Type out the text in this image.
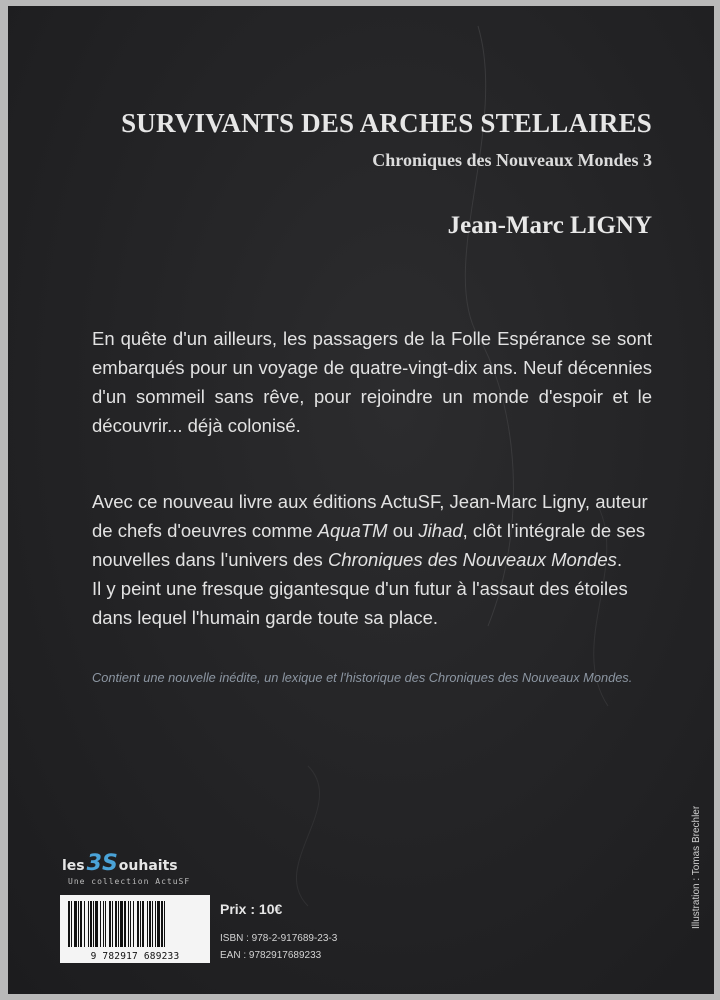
SURVIVANTS DES ARCHES STELLAIRES
Chroniques des Nouveaux Mondes 3
Jean-Marc LIGNY

En quête d'un ailleurs, les passagers de la Folle Espérance se sont embarqués pour un voyage de quatre-vingt-dix ans. Neuf décennies d'un sommeil sans rêve, pour rejoindre un monde d'espoir et le découvrir... déjà colonisé.

Avec ce nouveau livre aux éditions ActuSF, Jean-Marc Ligny, auteur de chefs d'oeuvres comme AquaTM ou Jihad, clôt l'intégrale de ses nouvelles dans l'univers des Chroniques des Nouveaux Mondes.
Il y peint une fresque gigantesque d'un futur à l'assaut des étoiles dans lequel l'humain garde toute sa place.

Contient une nouvelle inédite, un lexique et l'historique des Chroniques des Nouveaux Mondes.
les 3S ouhaits
Une collection ActuSF
9 782917 689233
Prix : 10€
ISBN : 978-2-917689-23-3
EAN : 9782917689233
Illustration : Tomas Brechler
